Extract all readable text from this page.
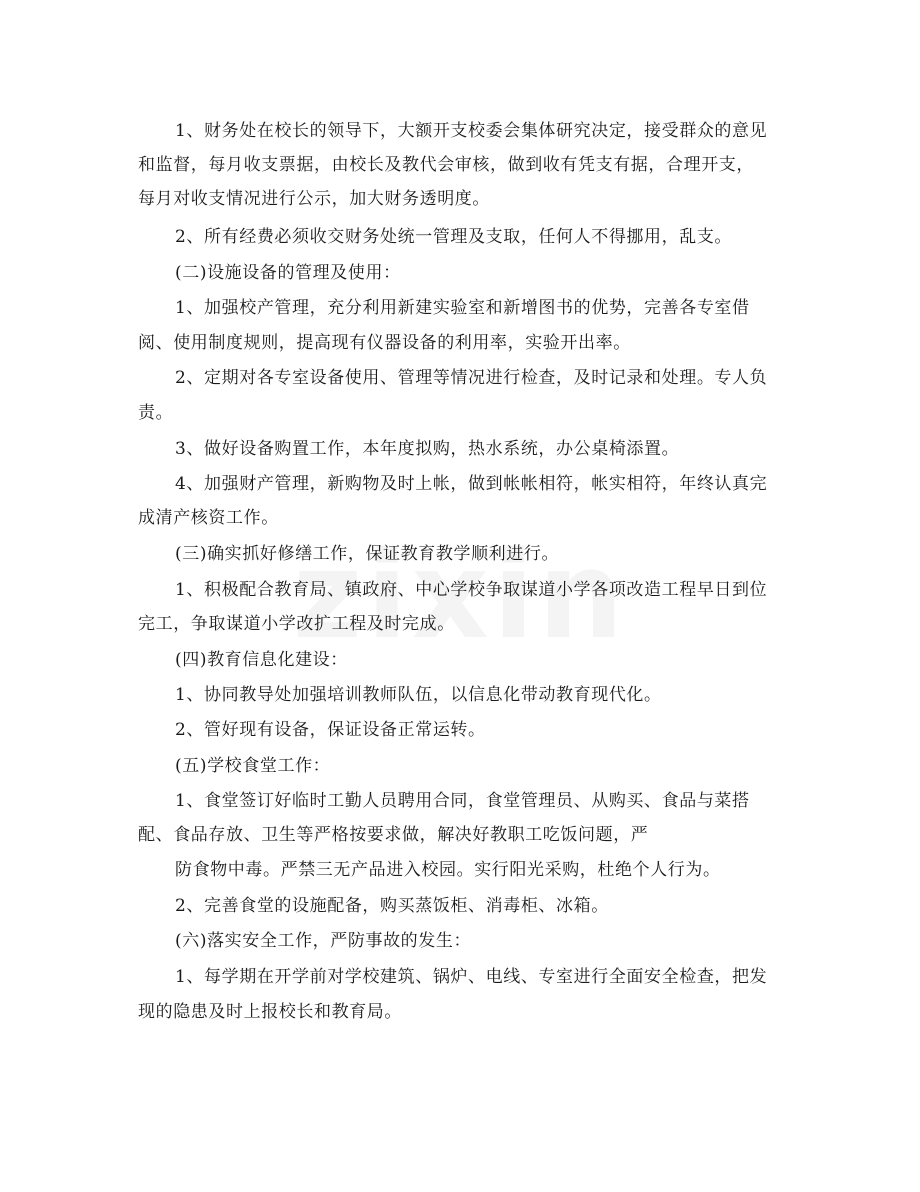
1、财务处在校长的领导下，大额开支校委会集体研究决定，接受群众的意见
和监督，每月收支票据，由校长及教代会审核，做到收有凭支有据，合理开支，
每月对收支情况进行公示，加大财务透明度。
2、所有经费必须收交财务处统一管理及支取，任何人不得挪用，乱支。
(二)设施设备的管理及使用：
1、加强校产管理，充分利用新建实验室和新增图书的优势，完善各专室借
阅、使用制度规则，提高现有仪器设备的利用率，实验开出率。
2、定期对各专室设备使用、管理等情况进行检查，及时记录和处理。专人负
责。
3、做好设备购置工作，本年度拟购，热水系统，办公桌椅添置。
4、加强财产管理，新购物及时上帐，做到帐帐相符，帐实相符，年终认真完
成清产核资工作。
(三)确实抓好修缮工作，保证教育教学顺利进行。
1、积极配合教育局、镇政府、中心学校争取谋道小学各项改造工程早日到位
完工，争取谋道小学改扩工程及时完成。
(四)教育信息化建设：
1、协同教导处加强培训教师队伍，以信息化带动教育现代化。
2、管好现有设备，保证设备正常运转。
(五)学校食堂工作：
1、食堂签订好临时工勤人员聘用合同，食堂管理员、从购买、食品与菜搭
配、食品存放、卫生等严格按要求做，解决好教职工吃饭问题，严
防食物中毒。严禁三无产品进入校园。实行阳光采购，杜绝个人行为。
2、完善食堂的设施配备，购买蒸饭柜、消毒柜、冰箱。
(六)落实安全工作，严防事故的发生：
1、每学期在开学前对学校建筑、锅炉、电线、专室进行全面安全检查，把发
现的隐患及时上报校长和教育局。
